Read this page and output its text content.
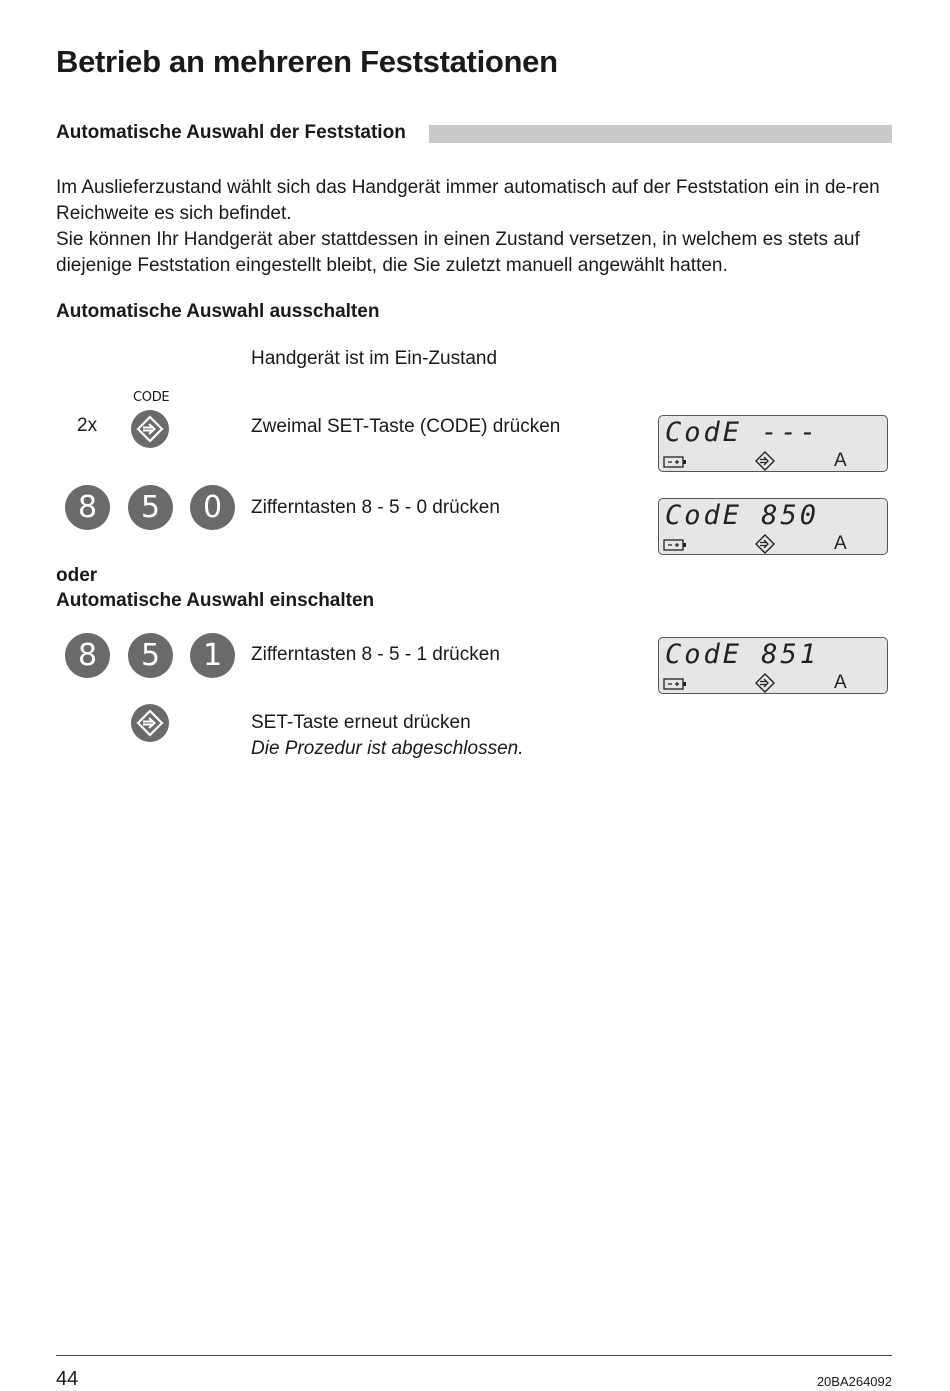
Betrieb an mehreren Feststationen
Automatische Auswahl der Feststation
Im Auslieferzustand wählt sich das Handgerät immer automatisch auf der Feststation ein in de-ren Reichweite es sich befindet.
Sie können Ihr Handgerät aber stattdessen in einen Zustand versetzen, in welchem es stets auf diejenige Feststation eingestellt bleibt, die Sie zuletzt manuell angewählt hatten.
Automatische Auswahl ausschalten
Handgerät ist im Ein-Zustand
2x
CODE
Zweimal SET-Taste (CODE) drücken	CodE ---
A
8	5	0	Zifferntasten 8 - 5 - 0 drücken	CodE 850
A
oder
Automatische Auswahl einschalten
8	5	1	Zifferntasten 8 - 5 - 1 drücken	CodE 851
A
SET-Taste erneut drücken
Die Prozedur ist abgeschlossen.
44	20BA264092
